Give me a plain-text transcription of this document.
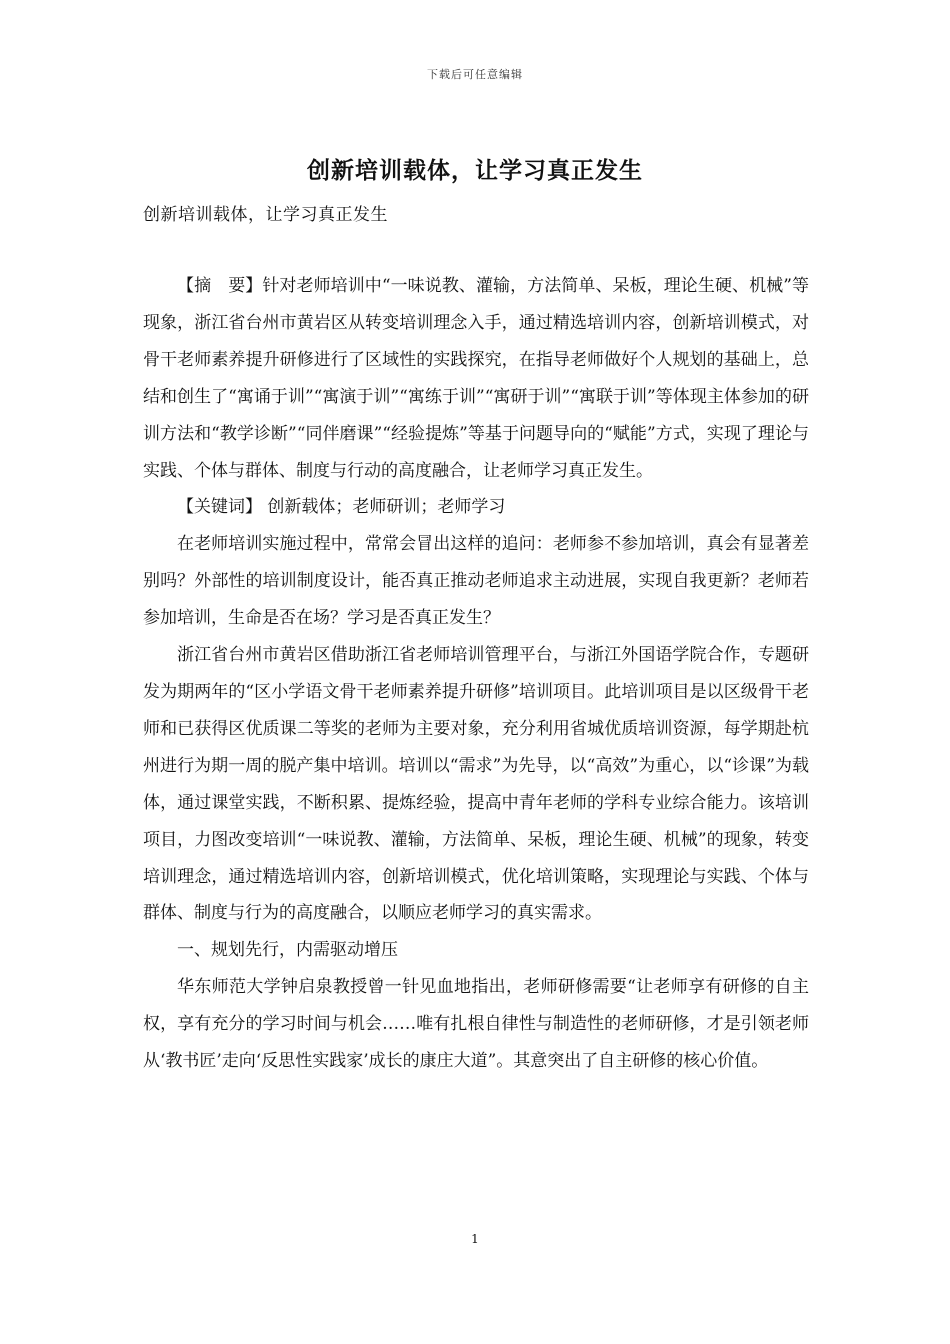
下载后可任意编辑
创新培训载体，让学习真正发生
创新培训载体，让学习真正发生

【摘　要】针对老师培训中“一味说教、灌输，方法简单、呆板，理论生硬、机械”等现象，浙江省台州市黄岩区从转变培训理念入手，通过精选培训内容，创新培训模式，对骨干老师素养提升研修进行了区域性的实践探究，在指导老师做好个人规划的基础上，总结和创生了“寓诵于训”“寓演于训”“寓练于训”“寓研于训”“寓联于训”等体现主体参加的研训方法和“教学诊断”“同伴磨课”“经验提炼”等基于问题导向的“赋能”方式，实现了理论与实践、个体与群体、制度与行动的高度融合，让老师学习真正发生。

【关键词】 创新载体；老师研训；老师学习

在老师培训实施过程中，常常会冒出这样的追问：老师参不参加培训，真会有显著差别吗？外部性的培训制度设计，能否真正推动老师追求主动进展，实现自我更新？老师若参加培训，生命是否在场？学习是否真正发生？

浙江省台州市黄岩区借助浙江省老师培训管理平台，与浙江外国语学院合作，专题研发为期两年的“区小学语文骨干老师素养提升研修”培训项目。此培训项目是以区级骨干老师和已获得区优质课二等奖的老师为主要对象，充分利用省城优质培训资源，每学期赴杭州进行为期一周的脱产集中培训。培训以“需求”为先导，以“高效”为重心，以“诊课”为载体，通过课堂实践，不断积累、提炼经验，提高中青年老师的学科专业综合能力。该培训项目，力图改变培训“一味说教、灌输，方法简单、呆板，理论生硬、机械”的现象，转变培训理念，通过精选培训内容，创新培训模式，优化培训策略，实现理论与实践、个体与群体、制度与行为的高度融合，以顺应老师学习的真实需求。

一、规划先行，内需驱动增压

华东师范大学钟启泉教授曾一针见血地指出，老师研修需要“让老师享有研修的自主权，享有充分的学习时间与机会……唯有扎根自律性与制造性的老师研修，才是引领老师从‘教书匠’走向‘反思性实践家’成长的康庄大道”。其意突出了自主研修的核心价值。

1
